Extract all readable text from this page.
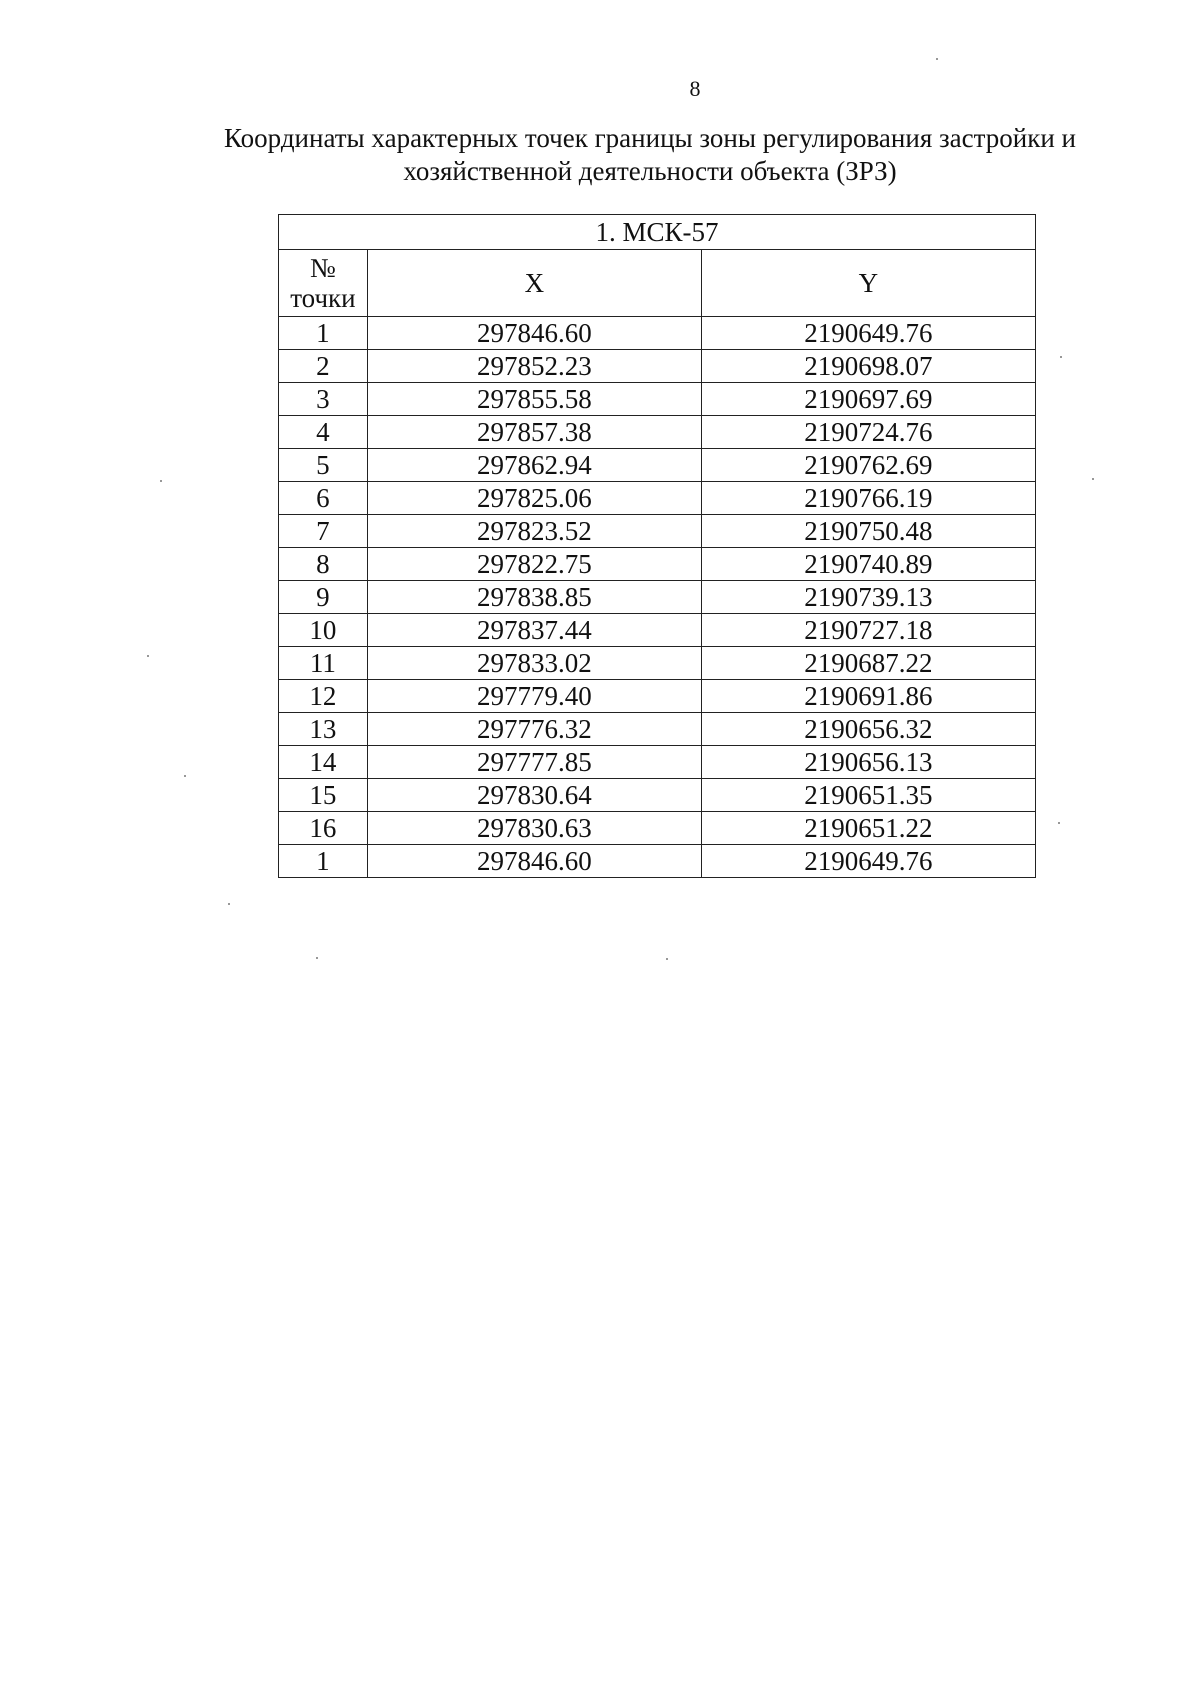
8
Координаты характерных точек границы зоны регулирования застройки и
хозяйственной деятельности объекта (ЗРЗ)
1. МСК-57		

№
точки	X	Y
1	297846.60	2190649.76
2	297852.23	2190698.07
3	297855.58	2190697.69
4	297857.38	2190724.76
5	297862.94	2190762.69
6	297825.06	2190766.19
7	297823.52	2190750.48
8	297822.75	2190740.89
9	297838.85	2190739.13
10	297837.44	2190727.18
11	297833.02	2190687.22
12	297779.40	2190691.86
13	297776.32	2190656.32
14	297777.85	2190656.13
15	297830.64	2190651.35
16	297830.63	2190651.22
1	297846.60	2190649.76
